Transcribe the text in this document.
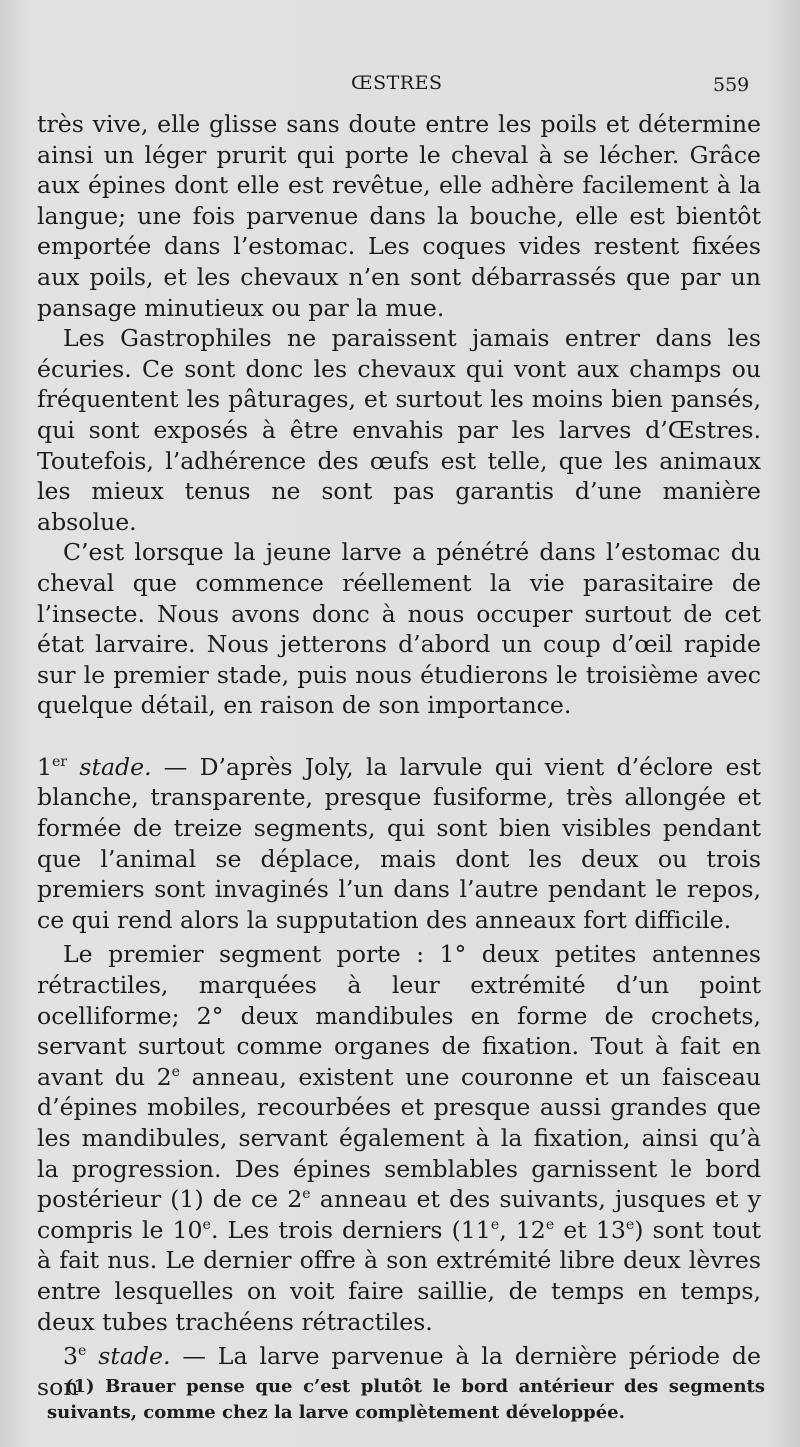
ŒSTRES	559

très vive, elle glisse sans doute entre les poils et détermine ainsi un léger prurit qui porte le cheval à se lécher. Grâce aux épines dont elle est revêtue, elle adhère facilement à la langue; une fois parvenue dans la bouche, elle est bientôt emportée dans l’estomac. Les coques vides restent fixées aux poils, et les chevaux n’en sont débarrassés que par un pansage minutieux ou par la mue.

Les Gastrophiles ne paraissent jamais entrer dans les écuries. Ce sont donc les chevaux qui vont aux champs ou fréquentent les pâturages, et surtout les moins bien pansés, qui sont exposés à être envahis par les larves d’Œstres. Toutefois, l’adhérence des œufs est telle, que les animaux les mieux tenus ne sont pas garantis d’une manière absolue.

C’est lorsque la jeune larve a pénétré dans l’estomac du cheval que commence réellement la vie parasitaire de l’insecte. Nous avons donc à nous occuper surtout de cet état larvaire. Nous jetterons d’abord un coup d’œil rapide sur le premier stade, puis nous étudierons le troisième avec quelque détail, en raison de son importance.

1er stade. — D’après Joly, la larvule qui vient d’éclore est blanche, transparente, presque fusiforme, très allongée et formée de treize segments, qui sont bien visibles pendant que l’animal se déplace, mais dont les deux ou trois premiers sont invaginés l’un dans l’autre pendant le repos, ce qui rend alors la supputation des anneaux fort difficile.

Le premier segment porte : 1° deux petites antennes rétractiles, marquées à leur extrémité d’un point ocelliforme; 2° deux mandibules en forme de crochets, servant surtout comme organes de fixation. Tout à fait en avant du 2e anneau, existent une couronne et un faisceau d’épines mobiles, recourbées et presque aussi grandes que les mandibules, servant également à la fixation, ainsi qu’à la progression. Des épines semblables garnissent le bord postérieur (1) de ce 2e anneau et des suivants, jusques et y compris le 10e. Les trois derniers (11e, 12e et 13e) sont tout à fait nus. Le dernier offre à son extrémité libre deux lèvres entre lesquelles on voit faire saillie, de temps en temps, deux tubes trachéens rétractiles.

3e stade. — La larve parvenue à la dernière période de son

(1) Brauer pense que c’est plutôt le bord antérieur des segments suivants, comme chez la larve complètement développée.
